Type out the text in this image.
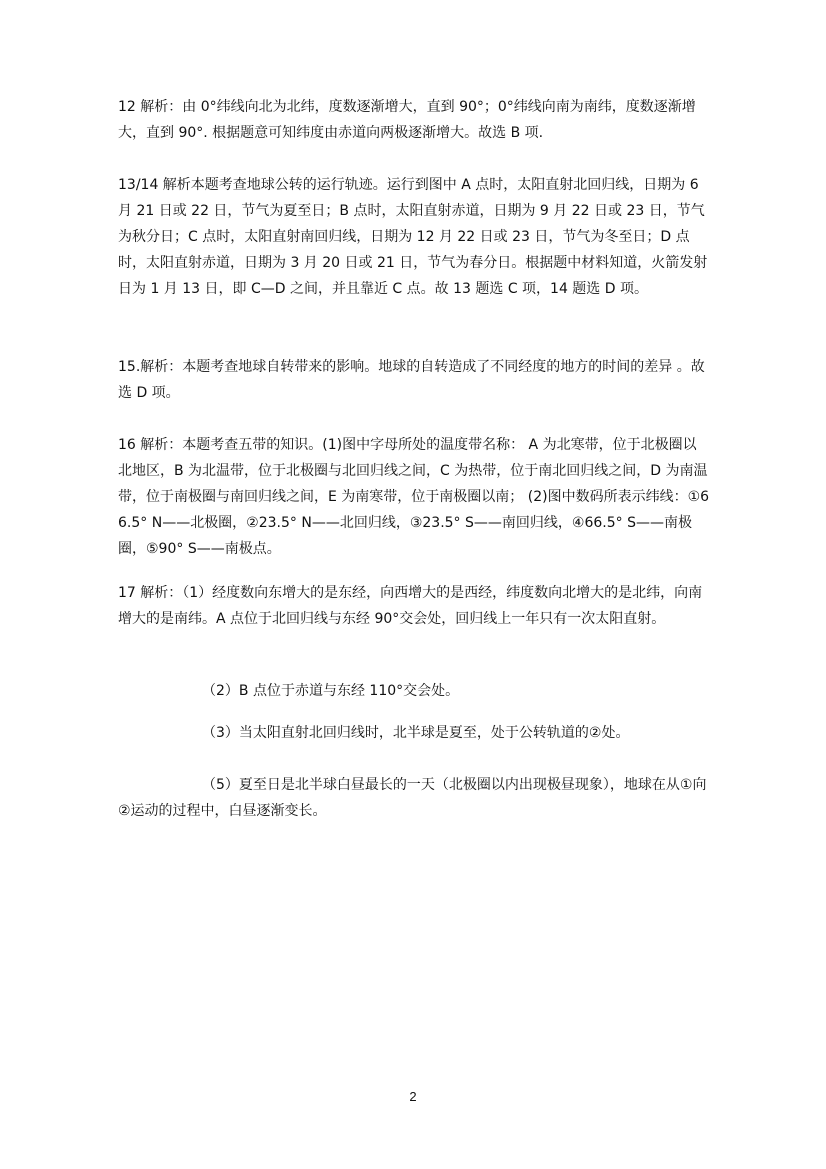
12 解析：由 0°纬线向北为北纬，度数逐渐增大，直到 90°；0°纬线向南为南纬，度数逐渐增大，直到 90°. 根据题意可知纬度由赤道向两极逐渐增大。故选 B 项.

13/14 解析本题考查地球公转的运行轨迹。运行到图中 A 点时，太阳直射北回归线，日期为 6 月 21 日或 22 日，节气为夏至日；B 点时，太阳直射赤道，日期为 9 月 22 日或 23 日，节气为秋分日；C 点时，太阳直射南回归线，日期为 12 月 22 日或 23 日，节气为冬至日；D 点时，太阳直射赤道，日期为 3 月 20 日或 21 日，节气为春分日。根据题中材料知道，火箭发射日为 1 月 13 日，即 C—D 之间，并且靠近 C 点。故 13 题选 C 项，14 题选 D 项。

15.解析：本题考查地球自转带来的影响。地球的自转造成了不同经度的地方的时间的差异 。故选 D 项。

16 解析：本题考查五带的知识。(1)图中字母所处的温度带名称： A 为北寒带，位于北极圈以北地区，B 为北温带，位于北极圈与北回归线之间，C 为热带，位于南北回归线之间，D 为南温带，位于南极圈与南回归线之间，E 为南寒带，位于南极圈以南； (2)图中数码所表示纬线：①66.5° N——北极圈，②23.5° N——北回归线，③23.5° S——南回归线，④66.5° S——南极圈，⑤90° S——南极点。

17 解析：（1）经度数向东增大的是东经，向西增大的是西经，纬度数向北增大的是北纬，向南增大的是南纬。A 点位于北回归线与东经 90°交会处，回归线上一年只有一次太阳直射。

（2）B 点位于赤道与东经 110°交会处。

（3）当太阳直射北回归线时，北半球是夏至，处于公转轨道的②处。

（5）夏至日是北半球白昼最长的一天（北极圈以内出现极昼现象），地球在从①向②运动的过程中，白昼逐渐变长。

2
